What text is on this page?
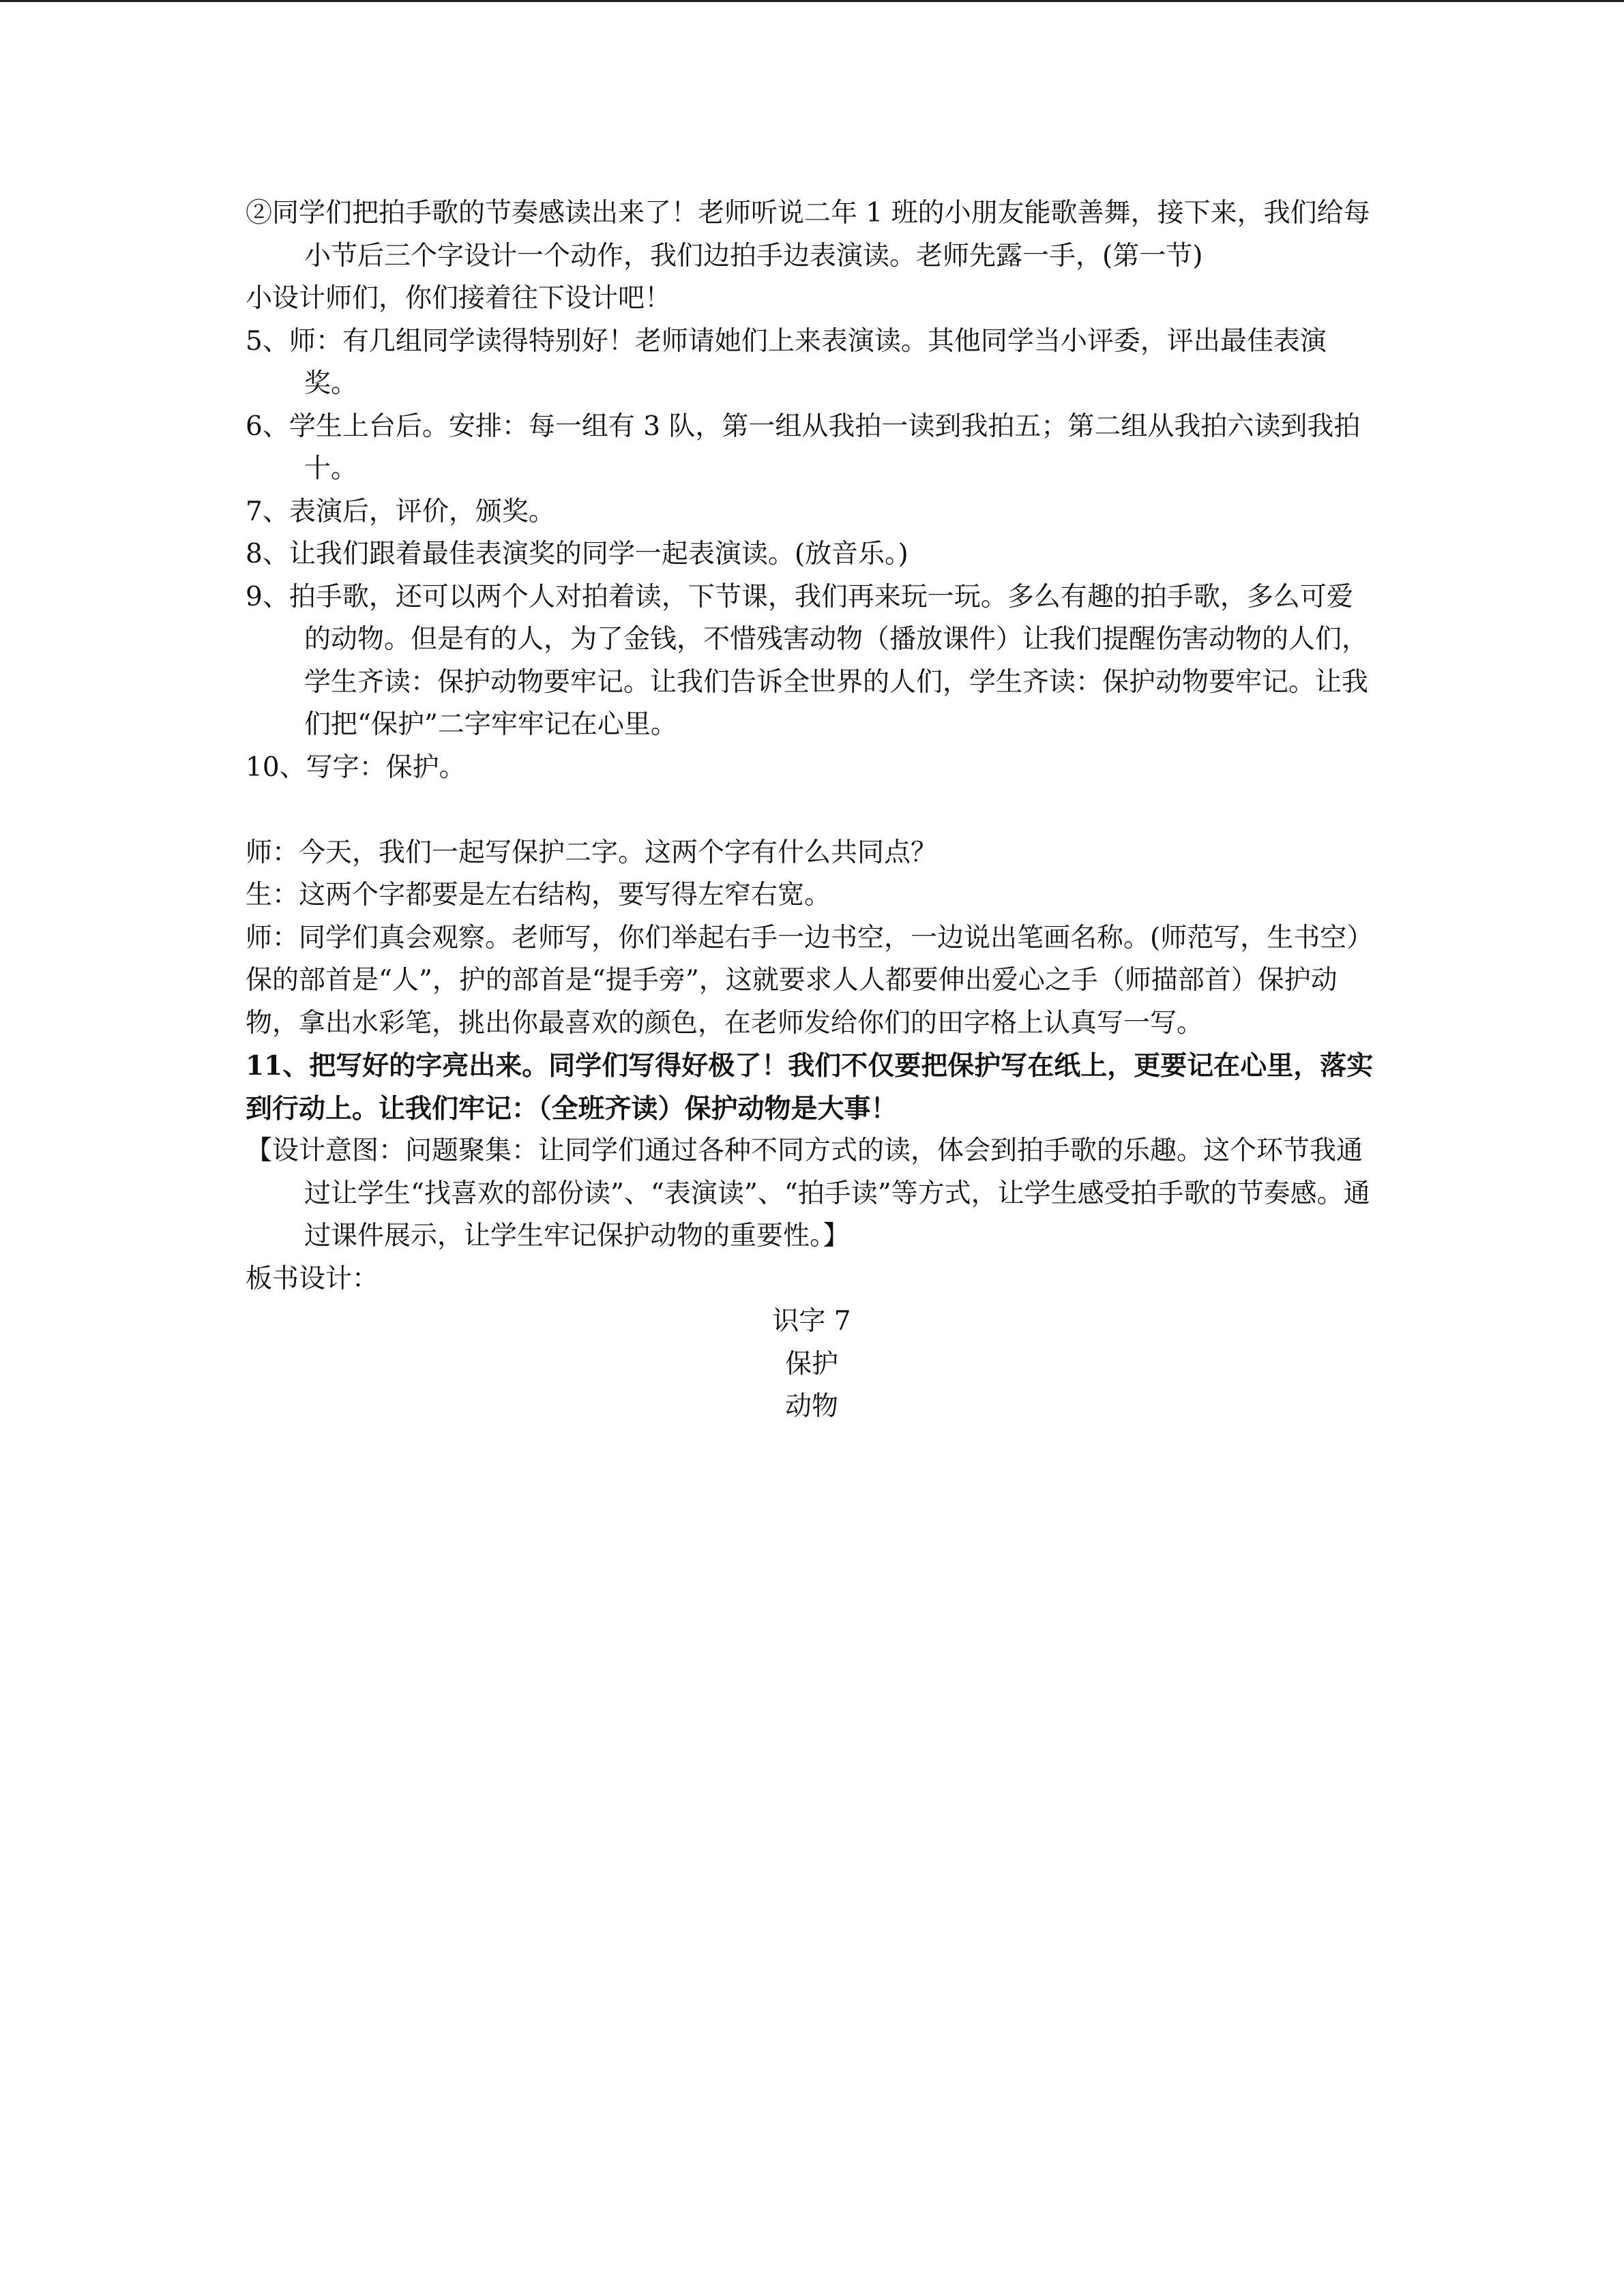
②同学们把拍手歌的节奏感读出来了！老师听说二年 1 班的小朋友能歌善舞，接下来，我们给每小节后三个字设计一个动作，我们边拍手边表演读。老师先露一手，(第一节)

小设计师们，你们接着往下设计吧！

5、师：有几组同学读得特别好！老师请她们上来表演读。其他同学当小评委，评出最佳表演奖。

6、学生上台后。安排：每一组有 3 队，第一组从我拍一读到我拍五；第二组从我拍六读到我拍十。

7、表演后，评价，颁奖。

8、让我们跟着最佳表演奖的同学一起表演读。(放音乐。)

9、拍手歌，还可以两个人对拍着读，下节课，我们再来玩一玩。多么有趣的拍手歌，多么可爱的动物。但是有的人，为了金钱，不惜残害动物（播放课件）让我们提醒伤害动物的人们，学生齐读：保护动物要牢记。让我们告诉全世界的人们，学生齐读：保护动物要牢记。让我们把“保护”二字牢牢记在心里。

10、写字：保护。

师：今天，我们一起写保护二字。这两个字有什么共同点？

生：这两个字都要是左右结构，要写得左窄右宽。

师：同学们真会观察。老师写，你们举起右手一边书空，一边说出笔画名称。(师范写，生书空）保的部首是“人”，护的部首是“提手旁”，这就要求人人都要伸出爱心之手（师描部首）保护动物，拿出水彩笔，挑出你最喜欢的颜色，在老师发给你们的田字格上认真写一写。

11、把写好的字亮出来。同学们写得好极了！我们不仅要把保护写在纸上，更要记在心里，落实到行动上。让我们牢记：（全班齐读）保护动物是大事！

【设计意图：问题聚集：让同学们通过各种不同方式的读，体会到拍手歌的乐趣。这个环节我通过让学生“找喜欢的部份读”、“表演读”、“拍手读”等方式，让学生感受拍手歌的节奏感。通过课件展示，让学生牢记保护动物的重要性。】

板书设计：

识字 7
保护
动物
